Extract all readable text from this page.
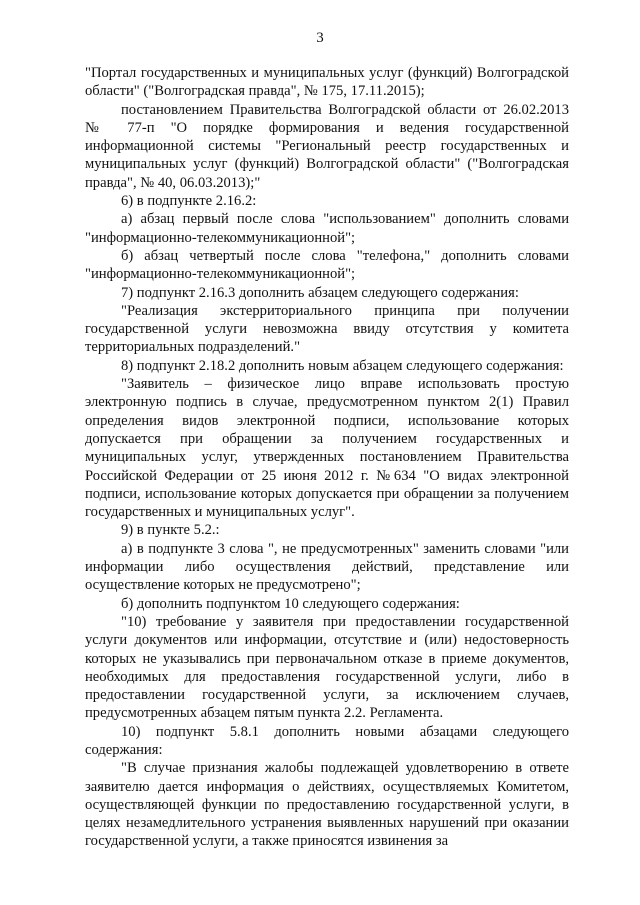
3

"Портал государственных и муниципальных услуг (функций) Волгоградской области" ("Волгоградская правда", № 175, 17.11.2015);

постановлением Правительства Волгоградской области от 26.02.2013 № 77-п "О порядке формирования и ведения государственной информационной системы "Региональный реестр государственных и муниципальных услуг (функций) Волгоградской области" ("Волгоградская правда", № 40, 06.03.2013);"

6) в подпункте 2.16.2:

а) абзац первый после слова "использованием" дополнить словами "информационно-телекоммуникационной";

б) абзац четвертый после слова "телефона," дополнить словами "информационно-телекоммуникационной";

7) подпункт 2.16.3 дополнить абзацем следующего содержания:

"Реализация экстерриториального принципа при получении государственной услуги невозможна ввиду отсутствия у комитета территориальных подразделений."

8) подпункт 2.18.2 дополнить новым абзацем следующего содержания:

"Заявитель – физическое лицо вправе использовать простую электронную подпись в случае, предусмотренном пунктом 2(1) Правил определения видов электронной подписи, использование которых допускается при обращении за получением государственных и муниципальных услуг, утвержденных постановлением Правительства Российской Федерации от 25 июня 2012 г. №634 "О видах электронной подписи, использование которых допускается при обращении за получением государственных и муниципальных услуг".

9) в пункте 5.2.:

а) в подпункте 3 слова ", не предусмотренных" заменить словами "или информации либо осуществления действий, представление или осуществление которых не предусмотрено";

б) дополнить подпунктом 10 следующего содержания:

"10) требование у заявителя при предоставлении государственной услуги документов или информации, отсутствие и (или) недостоверность которых не указывались при первоначальном отказе в приеме документов, необходимых для предоставления государственной услуги, либо в предоставлении государственной услуги, за исключением случаев, предусмотренных абзацем пятым пункта 2.2. Регламента.

10) подпункт 5.8.1 дополнить новыми абзацами следующего содержания:

"В случае признания жалобы подлежащей удовлетворению в ответе заявителю дается информация о действиях, осуществляемых Комитетом, осуществляющей функции по предоставлению государственной услуги, в целях незамедлительного устранения выявленных нарушений при оказании государственной услуги, а также приносятся извинения за
